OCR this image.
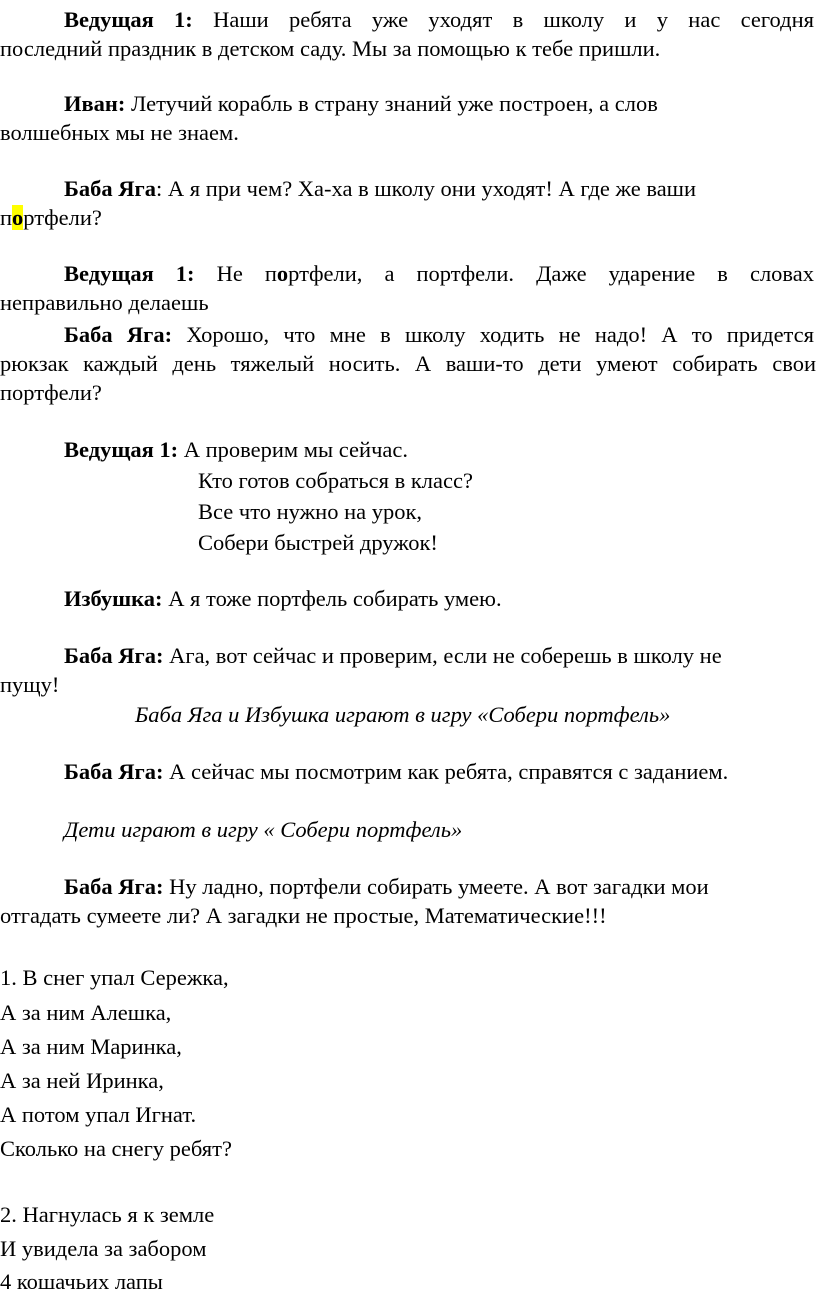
Ведущая 1: Наши ребята уже уходят в школу и у нас сегодня
последний праздник в детском саду. Мы за помощью к тебе пришли.
Иван: Летучий корабль в страну знаний уже построен, а слов
волшебных мы не знаем.
Баба Яга: А я при чем? Ха-ха в школу они уходят! А где же ваши
портфели?
Ведущая 1: Не портфели, а портфели. Даже ударение в словах
неправильно делаешь
Баба Яга: Хорошо, что мне в школу ходить не надо! А то придется
рюкзак каждый день тяжелый носить. А ваши-то дети умеют собирать свои
портфели?
Ведущая 1: А проверим мы сейчас.
Кто готов собраться в класс?
Все что нужно на урок,
Собери быстрей дружок!
Избушка: А я тоже портфель собирать умею.
Баба Яга: Ага, вот сейчас и проверим, если не соберешь в школу не
пущу!
Баба Яга и Избушка играют в игру «Собери портфель»
Баба Яга: А сейчас мы посмотрим как ребята, справятся с заданием.
Дети играют в игру « Собери портфель»
Баба Яга: Ну ладно, портфели собирать умеете. А вот загадки мои
отгадать сумеете ли? А загадки не простые, Математические!!!
1. В снег упал Сережка,
А за ним Алешка,
А за ним Маринка,
А за ней Иринка,
А потом упал Игнат.
Сколько на снегу ребят?
2. Нагнулась я к земле
И увидела за забором
4 кошачьих лапы
